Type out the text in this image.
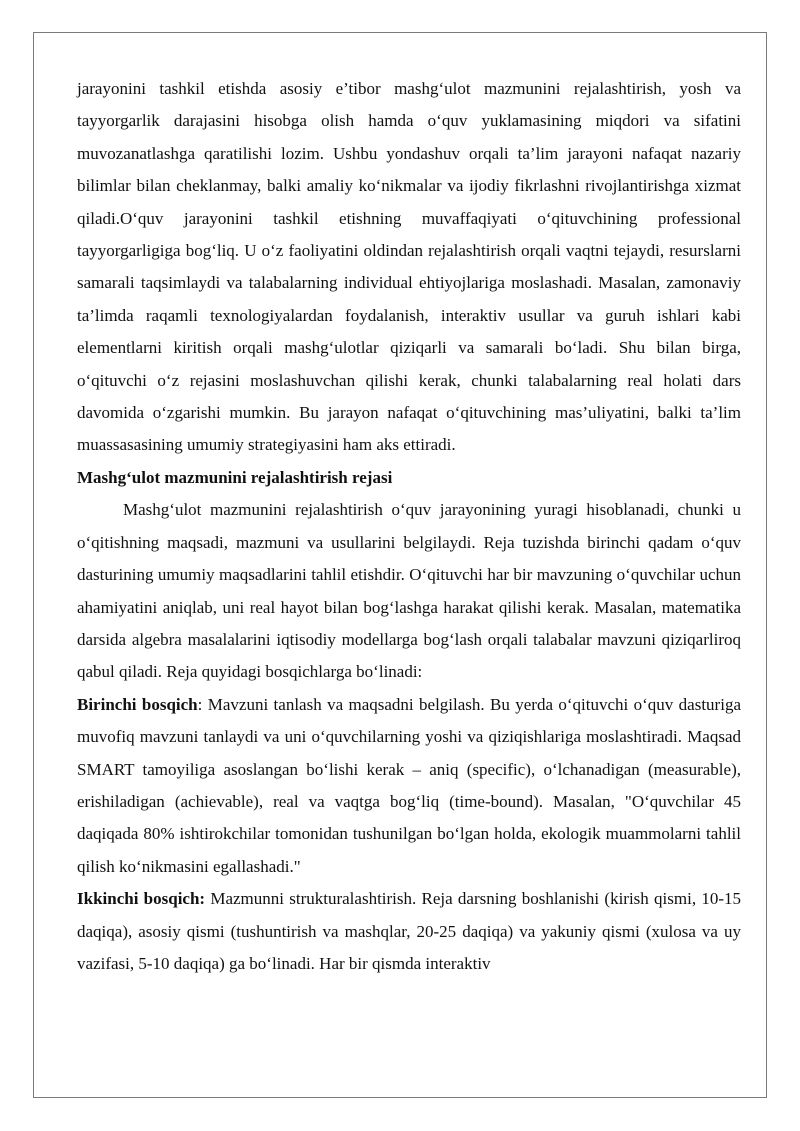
jarayonini tashkil etishda asosiy e’tibor mashg‘ulot mazmunini rejalashtirish, yosh va tayyorgarlik darajasini hisobga olish hamda o‘quv yuklamasining miqdori va sifatini muvozanatlashga qaratilishi lozim. Ushbu yondashuv orqali ta’lim jarayoni nafaqat nazariy bilimlar bilan cheklanmay, balki amaliy ko‘nikmalar va ijodiy fikrlashni rivojlantirishga xizmat qiladi.O‘quv jarayonini tashkil etishning muvaffaqiyati o‘qituvchining professional tayyorgarligiga bog‘liq. U o‘z faoliyatini oldindan rejalashtirish orqali vaqtni tejaydi, resurslarni samarali taqsimlaydi va talabalarning individual ehtiyojlariga moslashadi. Masalan, zamonaviy ta’limda raqamli texnologiyalardan foydalanish, interaktiv usullar va guruh ishlari kabi elementlarni kiritish orqali mashg‘ulotlar qiziqarli va samarali bo‘ladi. Shu bilan birga, o‘qituvchi o‘z rejasini moslashuvchan qilishi kerak, chunki talabalarning real holati dars davomida o‘zgarishi mumkin. Bu jarayon nafaqat o‘qituvchining mas’uliyatini, balki ta’lim muassasasining umumiy strategiyasini ham aks ettiradi.

Mashg‘ulot mazmunini rejalashtirish rejasi

Mashg‘ulot mazmunini rejalashtirish o‘quv jarayonining yuragi hisoblanadi, chunki u o‘qitishning maqsadi, mazmuni va usullarini belgilaydi. Reja tuzishda birinchi qadam o‘quv dasturining umumiy maqsadlarini tahlil etishdir. O‘qituvchi har bir mavzuning o‘quvchilar uchun ahamiyatini aniqlab, uni real hayot bilan bog‘lashga harakat qilishi kerak. Masalan, matematika darsida algebra masalalarini iqtisodiy modellarga bog‘lash orqali talabalar mavzuni qiziqarliroq qabul qiladi. Reja quyidagi bosqichlarga bo‘linadi:

Birinchi bosqich: Mavzuni tanlash va maqsadni belgilash. Bu yerda o‘qituvchi o‘quv dasturiga muvofiq mavzuni tanlaydi va uni o‘quvchilarning yoshi va qiziqishlariga moslashtiradi. Maqsad SMART tamoyiliga asoslangan bo‘lishi kerak – aniq (specific), o‘lchanadigan (measurable), erishiladigan (achievable), real va vaqtga bog‘liq (time-bound). Masalan, "O‘quvchilar 45 daqiqada 80% ishtirokchilar tomonidan tushunilgan bo‘lgan holda, ekologik muammolarni tahlil qilish ko‘nikmasini egallashadi."

Ikkinchi bosqich: Mazmunni strukturalashtirish. Reja darsning boshlanishi (kirish qismi, 10-15 daqiqa), asosiy qismi (tushuntirish va mashqlar, 20-25 daqiqa) va yakuniy qismi (xulosa va uy vazifasi, 5-10 daqiqa) ga bo‘linadi. Har bir qismda interaktiv
